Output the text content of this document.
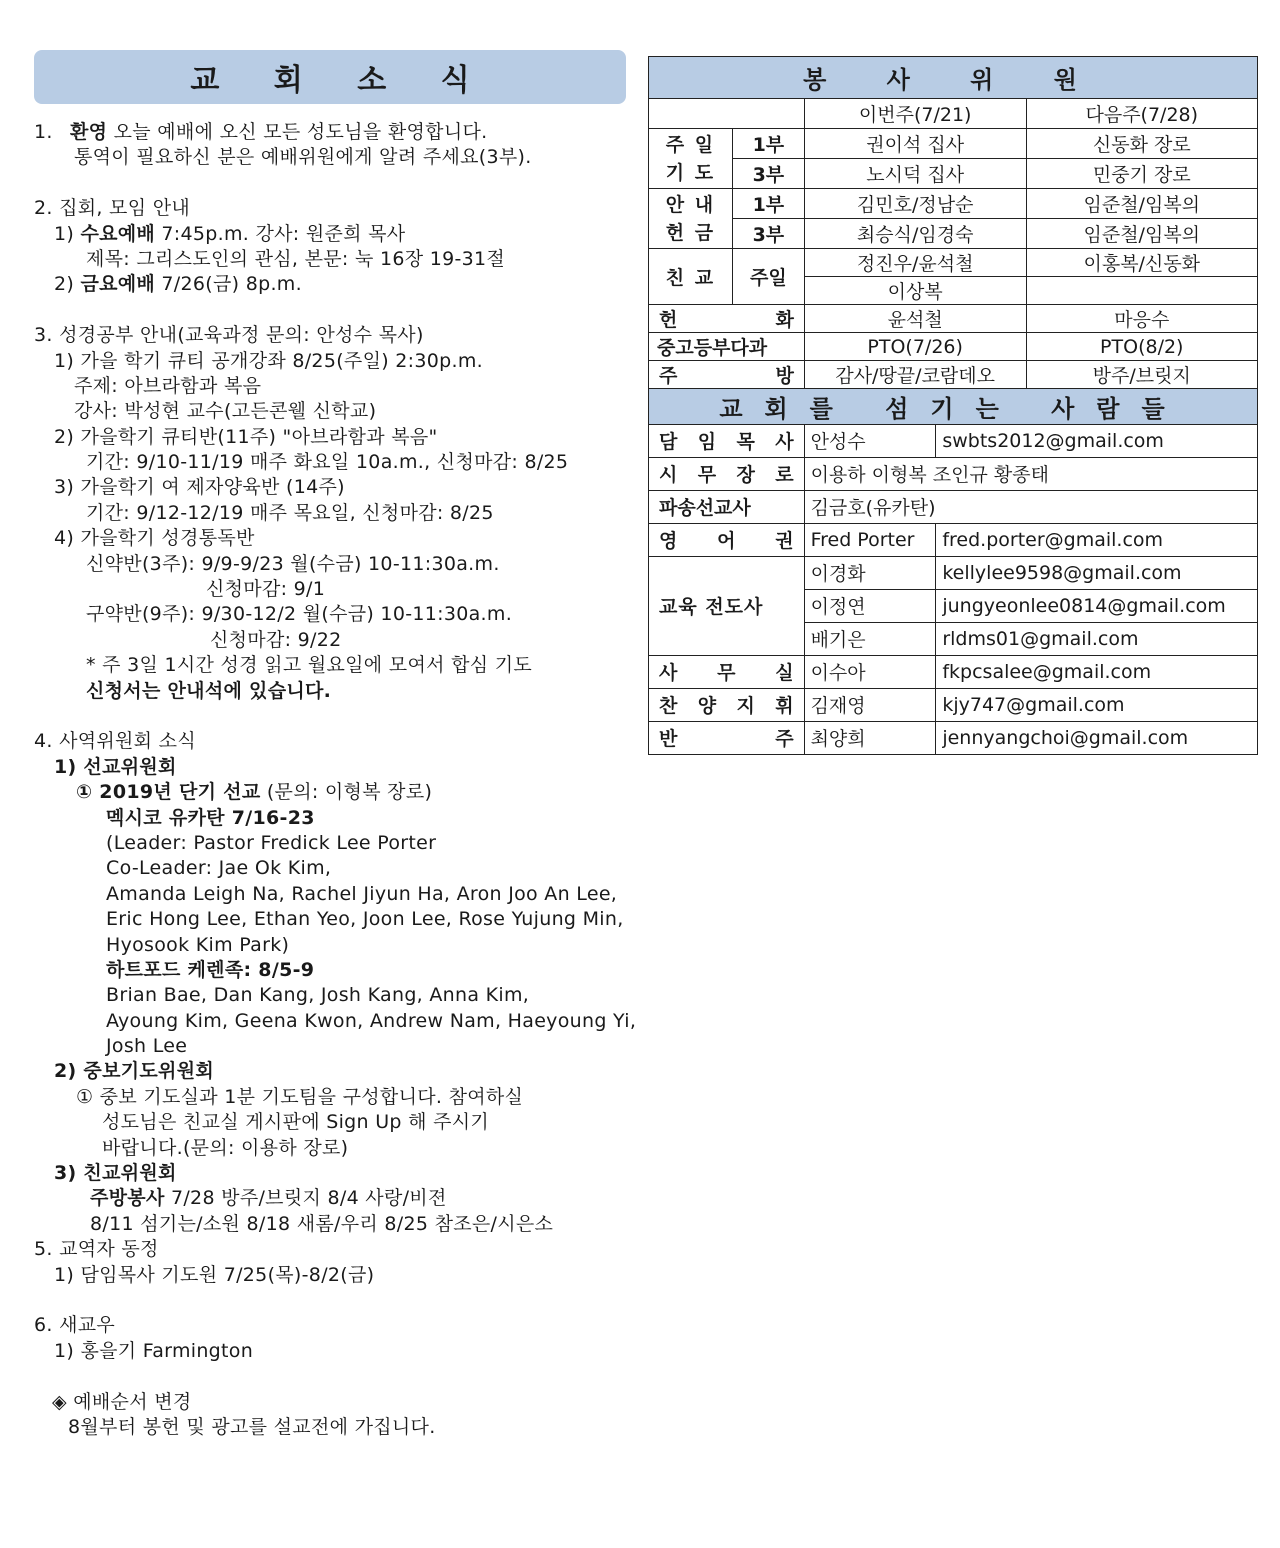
교 회 소 식
1. 환영 오늘 예배에 오신 모든 성도님을 환영합니다.
통역이 필요하신 분은 예배위원에게 알려 주세요(3부).
2. 집회, 모임 안내
1) 수요예배 7:45p.m. 강사: 원준희 목사
제목: 그리스도인의 관심, 본문: 눅 16장 19-31절
2) 금요예배 7/26(금) 8p.m.
3. 성경공부 안내(교육과정 문의: 안성수 목사)
1) 가을 학기 큐티 공개강좌 8/25(주일) 2:30p.m.
주제: 아브라함과 복음
강사: 박성현 교수(고든콘웰 신학교)
2) 가을학기 큐티반(11주) "아브라함과 복음"
기간: 9/10-11/19 매주 화요일 10a.m., 신청마감: 8/25
3) 가을학기 여 제자양육반 (14주)
기간: 9/12-12/19 매주 목요일, 신청마감: 8/25
4) 가을학기 성경통독반
신약반(3주): 9/9-9/23 월(수금) 10-11:30a.m.
신청마감: 9/1
구약반(9주): 9/30-12/2 월(수금) 10-11:30a.m.
신청마감: 9/22
* 주 3일 1시간 성경 읽고 월요일에 모여서 합심 기도
신청서는 안내석에 있습니다.
4. 사역위원회 소식
1) 선교위원회
① 2019년 단기 선교 (문의: 이형복 장로)
멕시코 유카탄 7/16-23
(Leader: Pastor Fredick Lee Porter
Co-Leader: Jae Ok Kim,
Amanda Leigh Na, Rachel Jiyun Ha, Aron Joo An Lee,
Eric Hong Lee, Ethan Yeo, Joon Lee, Rose Yujung Min,
Hyosook Kim Park)
하트포드 케렌족: 8/5-9
Brian Bae, Dan Kang, Josh Kang, Anna Kim,
Ayoung Kim, Geena Kwon, Andrew Nam, Haeyoung Yi,
Josh Lee
2) 중보기도위원회
① 중보 기도실과 1분 기도팀을 구성합니다. 참여하실
성도님은 친교실 게시판에 Sign Up 해 주시기
바랍니다.(문의: 이용하 장로)
3) 친교위원회
주방봉사 7/28 방주/브릿지 8/4 사랑/비젼
8/11 섬기는/소원 8/18 새롬/우리 8/25 참조은/시은소
5. 교역자 동정
1) 담임목사 기도원 7/25(목)-8/2(금)
6. 새교우
1) 홍을기 Farmington
◈ 예배순서 변경
8월부터 봉헌 및 광고를 설교전에 가집니다.
봉 사 위 원			
		이번주(7/21)	다음주(7/28)
주 일 기 도	1부	권이석 집사	신동화 장로
	3부	노시덕 집사	민중기 장로
안 내 헌 금	1부	김민호/정남순	임준철/임복의
	3부	최승식/임경숙	임준철/임복의
친 교	주일	정진우/윤석철	이홍복/신동화
		이상복	
헌 화		윤석철	마응수
중고등부다과		PTO(7/26)	PTO(8/2)
주 방		감사/땅끝/코람데오	방주/브릿지
교회를 섬기는 사람들		
담 임 목 사	안성수	swbts2012@gmail.com
시 무 장 로	이용하 이형복 조인규 황종태	
파송선교사	김금호(유카탄)	
영 어 권	Fred Porter	fred.porter@gmail.com
교육 전도사	이경화	kellylee9598@gmail.com
	이정연	jungyeonlee0814@gmail.com
	배기은	rldms01@gmail.com
사 무 실	이수아	fkpcsalee@gmail.com
찬 양 지 휘	김재영	kjy747@gmail.com
반 주	최양희	jennyangchoi@gmail.com
